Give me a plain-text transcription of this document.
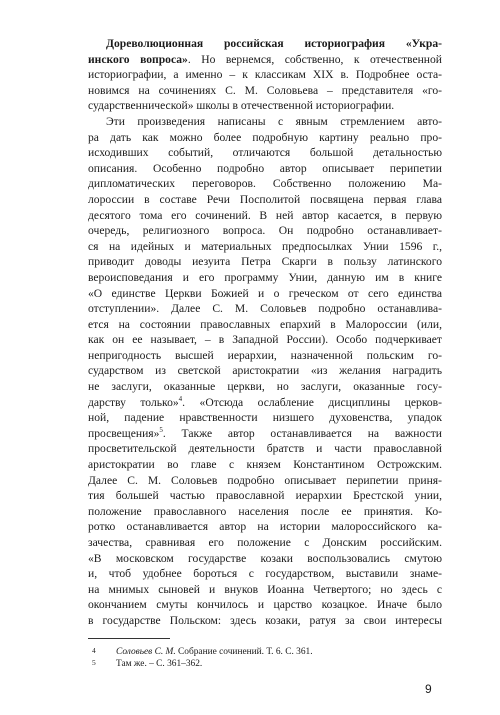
Дореволюционная российская историография «Укра-
инского вопроса». Но вернемся, собственно, к отечественной
историографии, а именно – к классикам XIX в. Подробнее оста-
новимся на сочинениях С. М. Соловьева – представителя «го-
сударственнической» школы в отечественной историографии.
Эти произведения написаны с явным стремлением авто-
ра дать как можно более подробную картину реально про-
исходивших событий, отличаются большой детальностью
описания. Особенно подробно автор описывает перипетии
дипломатических переговоров. Собственно положению Ма-
лороссии в составе Речи Посполитой посвящена первая глава
десятого тома его сочинений. В ней автор касается, в первую
очередь, религиозного вопроса. Он подробно останавливает-
ся на идейных и материальных предпосылках Унии 1596 г.,
приводит доводы иезуита Петра Скарги в пользу латинского
вероисповедания и его программу Унии, данную им в книге
«О единстве Церкви Божией и о греческом от сего единства
отступлении». Далее С. М. Соловьев подробно останавлива-
ется на состоянии православных епархий в Малороссии (или,
как он ее называет, – в Западной России). Особо подчеркивает
непригодность высшей иерархии, назначенной польским го-
сударством из светской аристократии «из желания наградить
не заслуги, оказанные церкви, но заслуги, оказанные госу-
дарству только»$^4$. «Отсюда ослабление дисциплины церков-
ной, падение нравственности низшего духовенства, упадок
просвещения»$^5$. Также автор останавливается на важности
просветительской деятельности братств и части православной
аристократии во главе с князем Константином Острожским.
Далее С. М. Соловьев подробно описывает перипетии приня-
тия большей частью православной иерархии Брестской унии,
положение православного населения после ее принятия. Ко-
ротко останавливается автор на истории малороссийского ка-
зачества, сравнивая его положение с Донским российским.
«В московском государстве козаки воспользовались смутою
и, чтоб удобнее бороться с государством, выставили знаме-
на мнимых сыновей и внуков Иоанна Четвертого; но здесь с
окончанием смуты кончилось и царство козацкое. Иначе было
в государстве Польском: здесь козаки, ратуя за свои интересы
4 Соловьев С. М. Собрание сочинений. Т. 6. С. 361.
5 Там же. – С. 361–362.
9
